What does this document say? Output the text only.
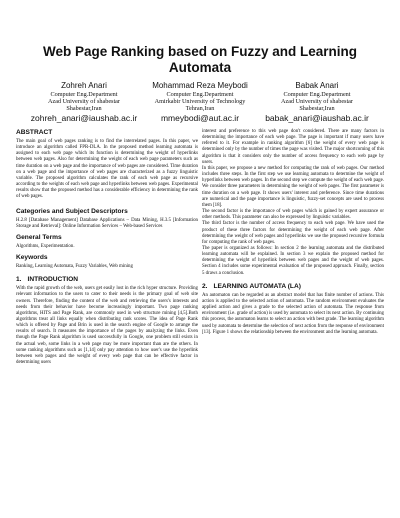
Web Page Ranking based on Fuzzy and Learning Automata
Zohreh Anari
Computer Eng.Department
Azad University of shabestar
Shabestar,Iran
zohreh_anari@iaushab.ac.ir
Mohammad Reza Meybodi
Computer Eng.Department
Amirkabir University of Technology
Tehran,Iran
mmeybodi@aut.ac.ir
Babak Anari
Computer Eng.Department
Azad University of shabestar
Shabestar,Iran
babak_anari@iaushab.ac.ir
ABSTRACT

The main goal of web pages ranking is to find the interrelated pages. In this paper, we introduce an algorithm called FPR-DLA. In the proposed method learning automata is assigned to each web page which its function is determining the weight of hyperlinks between web pages. Also for determining the weight of each web page parameters such as time duration on a web page and the importance of web pages are considered. Time duration on a web page and the importance of web pages are characterized as a fuzzy linguistic variable. The proposed algorithm calculates the rank of each web page as recursive according to the weights of each web page and hyperlinks between web pages. Experimental results show that the proposed method has a considerable efficiency in determining the rank of web pages.

Categories and Subject Descriptors

H.2.8 [Database Management] Database Applications – Data Mining, H.3.5 [Information Storage and Retrieval]: Online Information Services – Web-based Services

General Terms

Algorithms, Experimentation.

Keywords

Ranking, Learning Automata, Fuzzy Variables, Web mining

1. INTRODUCTION

With the rapid growth of the web, users get easily lost in the rich hyper structure. Providing relevant information to the users to cater to their needs is the primary goal of web site owners. Therefore, finding the content of the web and retrieving the users's interests and needs from their behavior have become increasingly important. Two page ranking algorithms, HITS and Page Rank, are commonly used in web structure mining [4,5].Both algorithms treat all links equally when distributing rank scores. The idea of Page Rank which is offered by Page and Brin is used in the search engine of Google to arrange the results of search. It measures the importance of the pages by analyzing the links. Even though the Page Rank algorithm is used successfully in Google, one problem still exists in the actual web, some links in a web page may be more important than are the others. In some ranking algorithms such as [1,14] only pay attention to how user's use the hyperlink between web pages and the weight of every web page that can be effective factor in determining users

interest and preference to this web page don't considered. There are many factors in determining the importance of each web page. The page is important if many users have referred to it. For example in ranking algorithm [6] the weight of every web page is determined only by the number of times the page was visited. The major shortcoming of this algorithm is that it considers only the number of access frequency to each web page by users.

In this paper, we propose a new method for computing the rank of web pages. Our method includes three steps. In the first step we use learning automata to determine the weight of hyperlinks between web pages. In the second step we compute the weight of each web page. We consider three parameters in determining the weight of web pages. The first parameter is time duration on a web page. It shows users' interest and preference. Since time durations are numerical and the page importance is linguistic, fuzzy-set concepts are used to process them [18].

The second factor is the importance of web pages which is gained by expert assurance or other methods. This parameter can also be expressed by linguistic variables.

The third factor is the number of access frequency to each web page. We have used the product of these three factors for determining the weight of each web page. After determining the weight of web pages and hyperlinks we use the proposed recursive formula for computing the rank of web pages.

The paper is organized as follows: In section 2 the learning automata and the distributed learning automata will be explained. In section 3 we explain the proposed method for determining the weight of hyperlink between web pages and the weight of web pages. Section 4 includes some experimental evaluation of the proposed approach. Finally, section 5 draws a conclusion.

2. LEARNING AUTOMATA (LA)

An automaton can be regarded as an abstract model that has finite number of actions. This action is applied to the selected action of automata. The random environment evaluates the applied action and gives a grade to the selected action of automata. The response from environment (i.e. grade of action) is used by automata to select its next action. By continuing this process, the automaton learns to select an action with best grade. The learning algorithm used by automata to determine the selection of next action from the response of environment [13]. Figure 1 shows the relationship between the environment and the learning automata.
